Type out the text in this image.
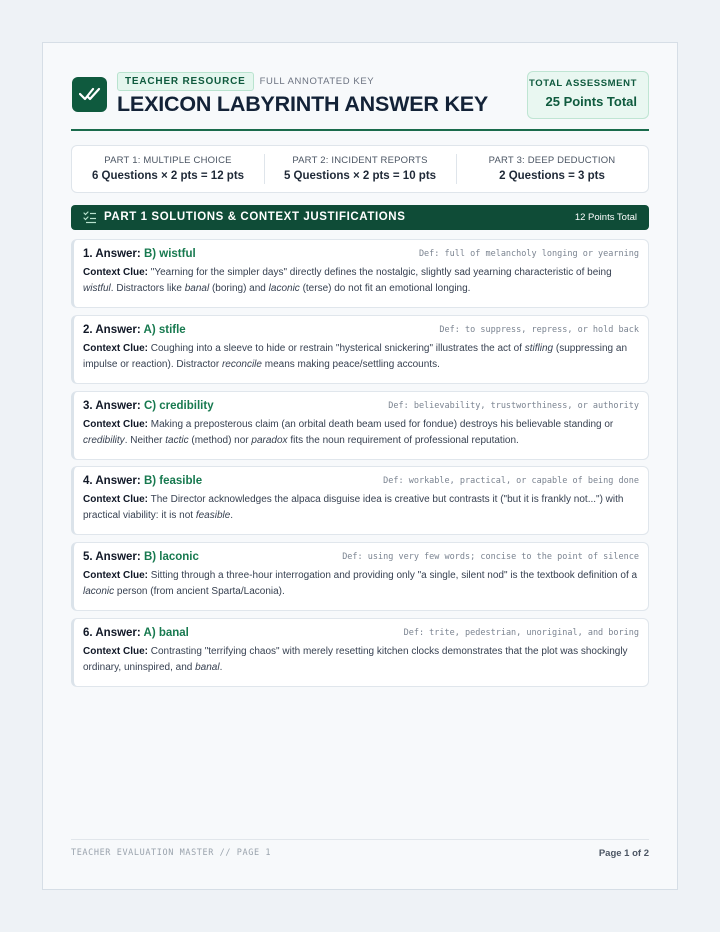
TEACHER RESOURCE	FULL ANNOTATED KEY
LEXICON LABYRINTH ANSWER KEY
TOTAL ASSESSMENT
25 Points Total
PART 1: MULTIPLE CHOICE
6 Questions × 2 pts = 12 pts
PART 2: INCIDENT REPORTS
5 Questions × 2 pts = 10 pts
PART 3: DEEP DEDUCTION
2 Questions = 3 pts
PART 1 SOLUTIONS & CONTEXT JUSTIFICATIONS	12 Points Total
1. Answer: B) wistful	Def: full of melancholy longing or yearning
Context Clue: "Yearning for the simpler days" directly defines the nostalgic, slightly sad yearning characteristic of being wistful. Distractors like banal (boring) and laconic (terse) do not fit an emotional longing.
2. Answer: A) stifle	Def: to suppress, repress, or hold back
Context Clue: Coughing into a sleeve to hide or restrain "hysterical snickering" illustrates the act of stifling (suppressing an impulse or reaction). Distractor reconcile means making peace/settling accounts.
3. Answer: C) credibility	Def: believability, trustworthiness, or authority
Context Clue: Making a preposterous claim (an orbital death beam used for fondue) destroys his believable standing or credibility. Neither tactic (method) nor paradox fits the noun requirement of professional reputation.
4. Answer: B) feasible	Def: workable, practical, or capable of being done
Context Clue: The Director acknowledges the alpaca disguise idea is creative but contrasts it ("but it is frankly not...") with practical viability: it is not feasible.
5. Answer: B) laconic	Def: using very few words; concise to the point of silence
Context Clue: Sitting through a three-hour interrogation and providing only "a single, silent nod" is the textbook definition of a laconic person (from ancient Sparta/Laconia).
6. Answer: A) banal	Def: trite, pedestrian, unoriginal, and boring
Context Clue: Contrasting "terrifying chaos" with merely resetting kitchen clocks demonstrates that the plot was shockingly ordinary, uninspired, and banal.
TEACHER EVALUATION MASTER // PAGE 1	Page 1 of 2
